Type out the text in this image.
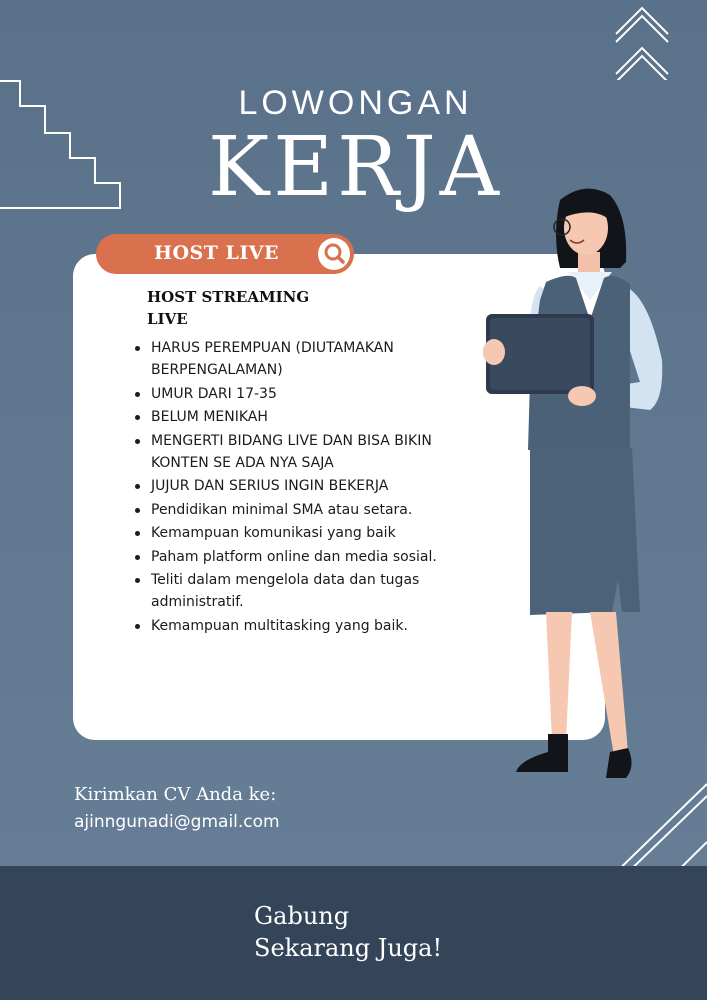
LOWONGAN
KERJA
HOST LIVE
HOST STREAMING LIVE
HARUS PEREMPUAN (DIUTAMAKAN BERPENGALAMAN)
UMUR DARI 17-35
BELUM MENIKAH
MENGERTI BIDANG LIVE DAN BISA BIKIN KONTEN SE ADA NYA SAJA
JUJUR DAN SERIUS INGIN BEKERJA
Pendidikan minimal SMA atau setara.
Kemampuan komunikasi yang baik
Paham platform online dan media sosial.
Teliti dalam mengelola data dan tugas administratif.
Kemampuan multitasking yang baik.
Kirimkan CV Anda ke:
ajinngunadi@gmail.com
Gabung
Sekarang Juga!
